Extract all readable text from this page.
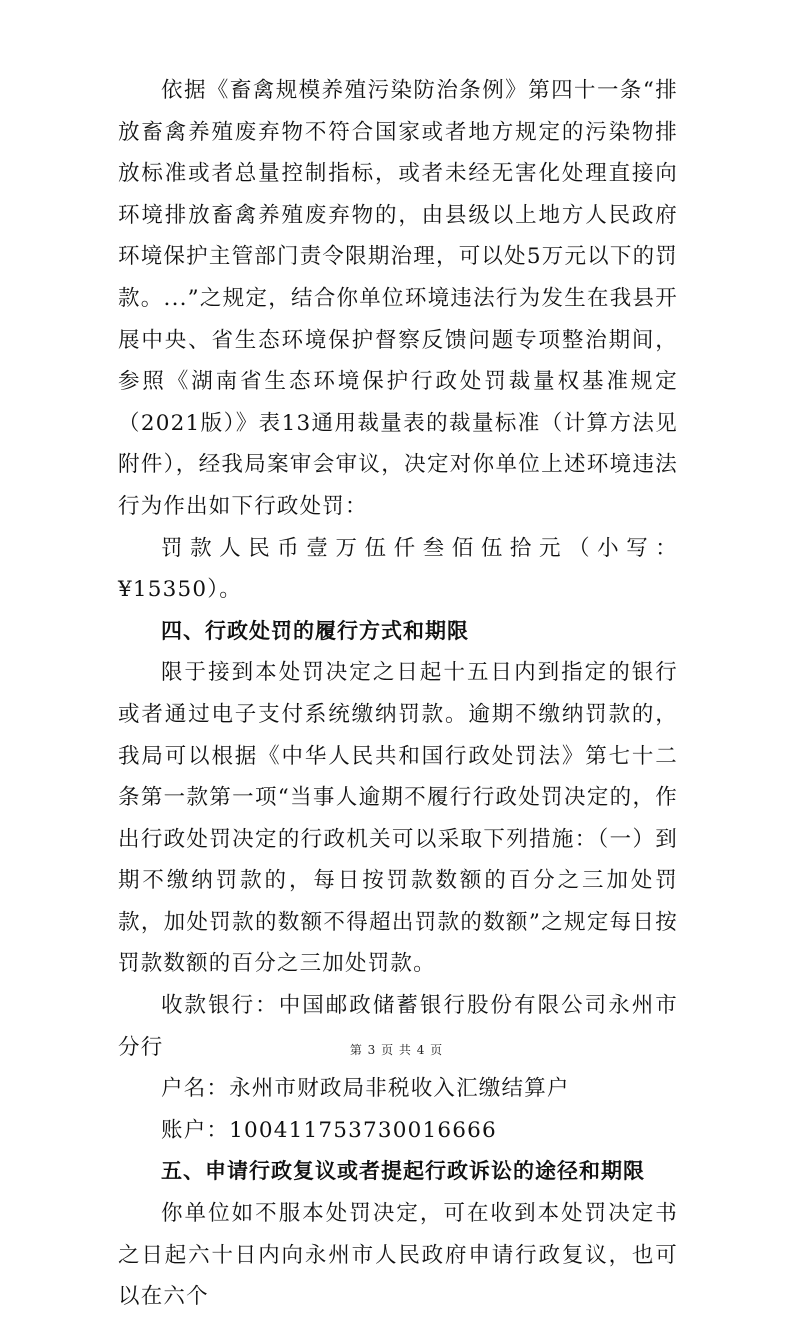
依据《畜禽规模养殖污染防治条例》第四十一条“排放畜禽养殖废弃物不符合国家或者地方规定的污染物排放标准或者总量控制指标，或者未经无害化处理直接向环境排放畜禽养殖废弃物的，由县级以上地方人民政府环境保护主管部门责令限期治理，可以处5万元以下的罚款。...”之规定，结合你单位环境违法行为发生在我县开展中央、省生态环境保护督察反馈问题专项整治期间，参照《湖南省生态环境保护行政处罚裁量权基准规定（2021版）》表13通用裁量表的裁量标准（计算方法见附件），经我局案审会审议，决定对你单位上述环境违法行为作出如下行政处罚：

罚款人民币壹万伍仟叁佰伍拾元（小写：¥15350）。

四、行政处罚的履行方式和期限

限于接到本处罚决定之日起十五日内到指定的银行或者通过电子支付系统缴纳罚款。逾期不缴纳罚款的，我局可以根据《中华人民共和国行政处罚法》第七十二条第一款第一项“当事人逾期不履行行政处罚决定的，作出行政处罚决定的行政机关可以采取下列措施：（一）到期不缴纳罚款的，每日按罚款数额的百分之三加处罚款，加处罚款的数额不得超出罚款的数额”之规定每日按罚款数额的百分之三加处罚款。

收款银行：中国邮政储蓄银行股份有限公司永州市分行

户名：永州市财政局非税收入汇缴结算户

账户：100411753730016666

五、申请行政复议或者提起行政诉讼的途径和期限

你单位如不服本处罚决定，可在收到本处罚决定书之日起六十日内向永州市人民政府申请行政复议，也可以在六个

第 3 页 共 4 页
